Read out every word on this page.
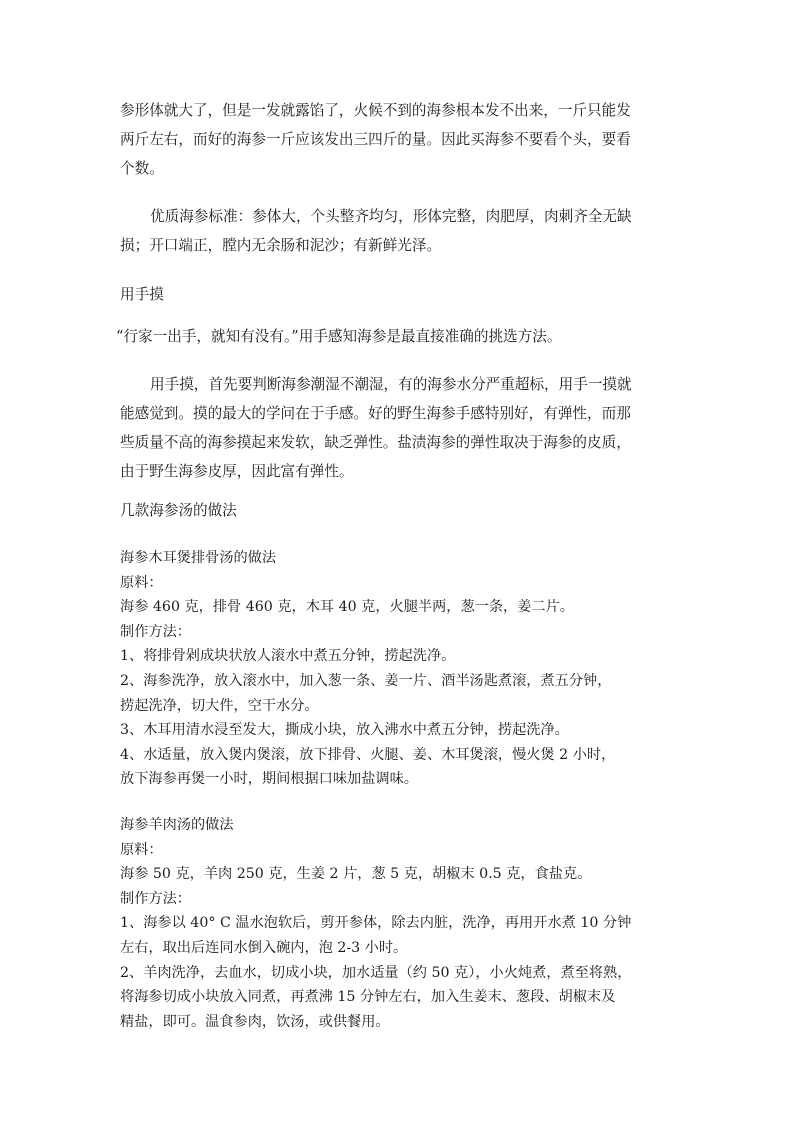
参形体就大了，但是一发就露馅了，火候不到的海参根本发不出来，一斤只能发
两斤左右，而好的海参一斤应该发出三四斤的量。因此买海参不要看个头，要看
个数。
优质海参标准：参体大，个头整齐均匀，形体完整，肉肥厚，肉刺齐全无缺
损；开口端正，膛内无余肠和泥沙；有新鲜光泽。
用手摸
“行家一出手，就知有没有。”用手感知海参是最直接准确的挑选方法。
用手摸，首先要判断海参潮湿不潮湿，有的海参水分严重超标，用手一摸就
能感觉到。摸的最大的学问在于手感。好的野生海参手感特别好，有弹性，而那
些质量不高的海参摸起来发软，缺乏弹性。盐渍海参的弹性取决于海参的皮质，
由于野生海参皮厚，因此富有弹性。
几款海参汤的做法
海参木耳煲排骨汤的做法
原料：
海参 460 克，排骨 460 克，木耳 40 克，火腿半两，葱一条，姜二片。
制作方法：
1、将排骨剁成块状放人滚水中煮五分钟，捞起洗净。
2、海参洗净，放入滚水中，加入葱一条、姜一片、酒半汤匙煮滚，煮五分钟，
捞起洗净，切大件，空干水分。
3、木耳用清水浸至发大，撕成小块，放入沸水中煮五分钟，捞起洗净。
4、水适量，放入煲内煲滚，放下排骨、火腿、姜、木耳煲滚，慢火煲 2 小时，
放下海参再煲一小时，期间根据口味加盐调味。
海参羊肉汤的做法
原料：
海参 50 克，羊肉 250 克，生姜 2 片，葱 5 克，胡椒末 0.5 克，食盐克。
制作方法：
1、海参以 40° C 温水泡软后，剪开参体，除去内脏，洗净，再用开水煮 10 分钟
左右，取出后连同水倒入碗内，泡 2-3 小时。
2、羊肉洗净，去血水，切成小块，加水适量（约 50 克），小火炖煮，煮至将熟，
将海参切成小块放入同煮，再煮沸 15 分钟左右，加入生姜末、葱段、胡椒末及
精盐，即可。温食参肉，饮汤，或供餐用。
